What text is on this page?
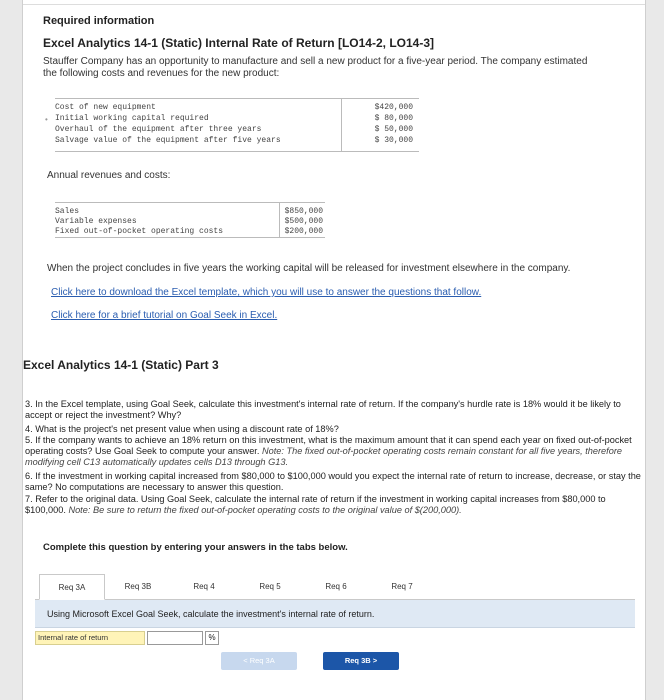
Required information
Excel Analytics 14-1 (Static) Internal Rate of Return [LO14-2, LO14-3]
Stauffer Company has an opportunity to manufacture and sell a new product for a five-year period. The company estimated the following costs and revenues for the new product:
•
Cost of new equipment	$420,000
Initial working capital required	$ 80,000
Overhaul of the equipment after three years	$ 50,000
Salvage value of the equipment after five years	$ 30,000
Annual revenues and costs:
Sales	$850,000
Variable expenses	$500,000
Fixed out-of-pocket operating costs	$200,000
When the project concludes in five years the working capital will be released for investment elsewhere in the company.
Click here to download the Excel template, which you will use to answer the questions that follow.
Click here for a brief tutorial on Goal Seek in Excel.
Excel Analytics 14-1 (Static) Part 3
3. In the Excel template, using Goal Seek, calculate this investment's internal rate of return. If the company's hurdle rate is 18% would it be likely to accept or reject the investment? Why?
4. What is the project's net present value when using a discount rate of 18%?
5. If the company wants to achieve an 18% return on this investment, what is the maximum amount that it can spend each year on fixed out-of-pocket operating costs? Use Goal Seek to compute your answer. Note: The fixed out-of-pocket operating costs remain constant for all five years, therefore modifying cell C13 automatically updates cells D13 through G13.
6. If the investment in working capital increased from $80,000 to $100,000 would you expect the internal rate of return to increase, decrease, or stay the same? No computations are necessary to answer this question.
7. Refer to the original data. Using Goal Seek, calculate the internal rate of return if the investment in working capital increases from $80,000 to $100,000. Note: Be sure to return the fixed out-of-pocket operating costs to the original value of $(200,000).
Complete this question by entering your answers in the tabs below.
Req 3A	Req 3B	Req 4	Req 5	Req 6	Req 7
Using Microsoft Excel Goal Seek, calculate the investment's internal rate of return.
Internal rate of return	%
< Req 3A	Req 3B >
